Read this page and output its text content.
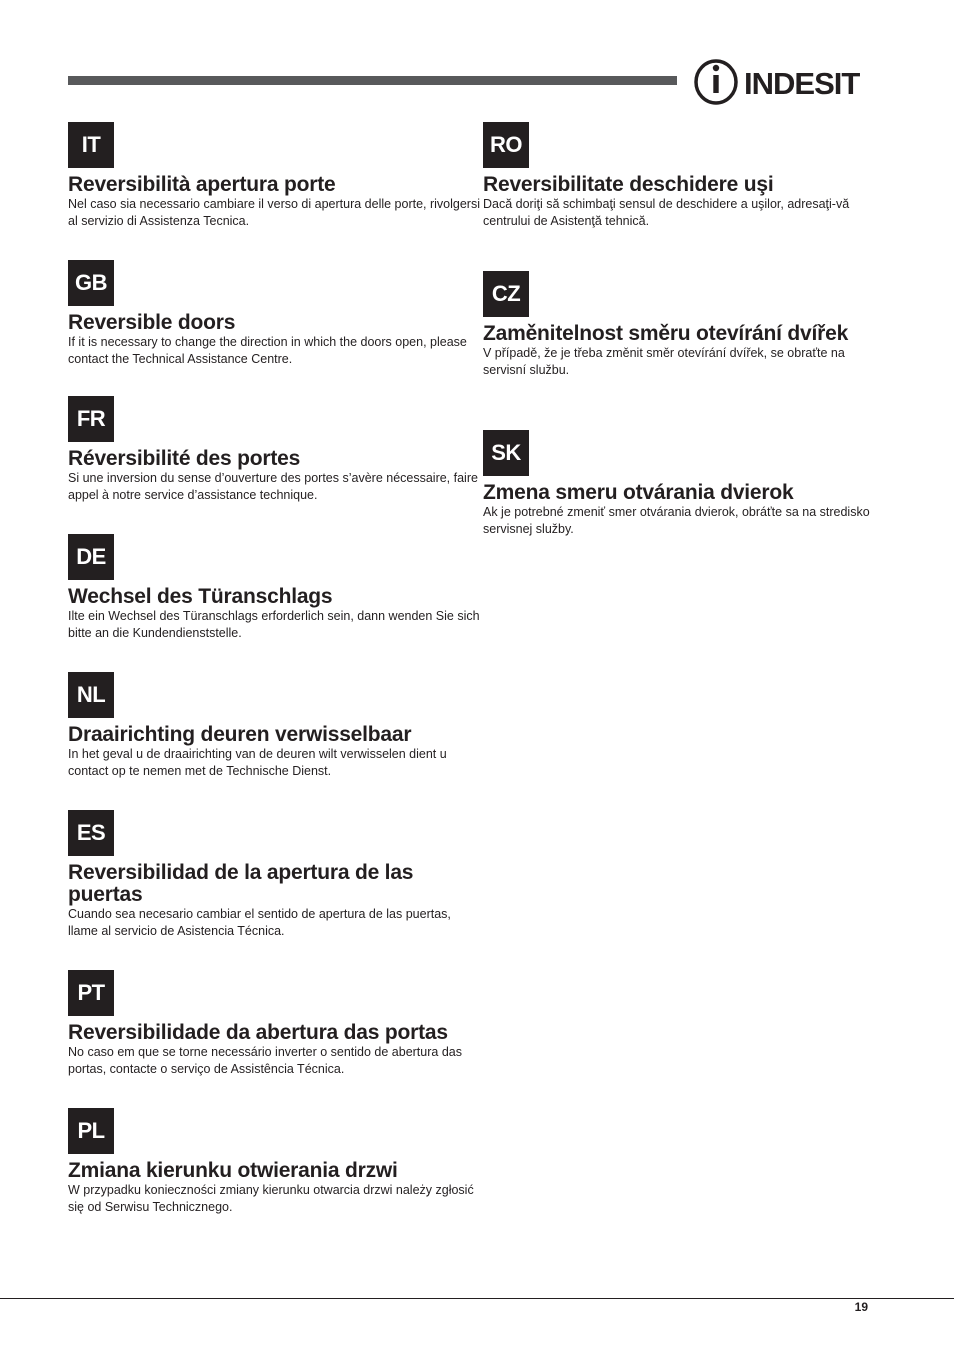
INDESIT
IT
Reversibilità apertura porte

Nel caso sia necessario cambiare il verso di apertura delle porte, rivolgersi al servizio di Assistenza Tecnica.

GB
Reversible doors

If it is necessary to change the direction in which the doors open, please contact the Technical Assistance Centre.

FR
Réversibilité des portes

Si une inversion du sense d’ouverture des portes s’avère nécessaire, faire appel à notre service d’assistance technique.

DE
Wechsel des Türanschlags

Ilte ein Wechsel des Türanschlags erforderlich sein, dann wenden Sie sich bitte an die Kundendienststelle.

NL
Draairichting deuren verwisselbaar

In het geval u de draairichting van de deuren wilt verwisselen dient u contact op te nemen met de Technische Dienst.

ES
Reversibilidad de la apertura de las puertas

Cuando sea necesario cambiar el sentido de apertura de las puertas, llame al servicio de Asistencia Técnica.

PT
Reversibilidade da abertura das portas

No caso em que se torne necessário inverter o sentido de abertura das portas, contacte o serviço de Assistência Técnica.

PL
Zmiana kierunku otwierania drzwi

W przypadku konieczności zmiany kierunku otwarcia drzwi należy zgłosić się od Serwisu Technicznego.

RO
Reversibilitate deschidere uşi

Dacă doriţi să schimbaţi sensul de deschidere a uşilor, adresaţi-vă centrului de Asistenţă tehnică.

CZ
Zaměnitelnost směru otevírání dvířek

V případě, že je třeba změnit směr otevírání dvířek, se obraťte na servisní službu.

SK
Zmena smeru otvárania dvierok

Ak je potrebné zmeniť smer otvárania dvierok, obráťte sa na stredisko servisnej služby.

19
